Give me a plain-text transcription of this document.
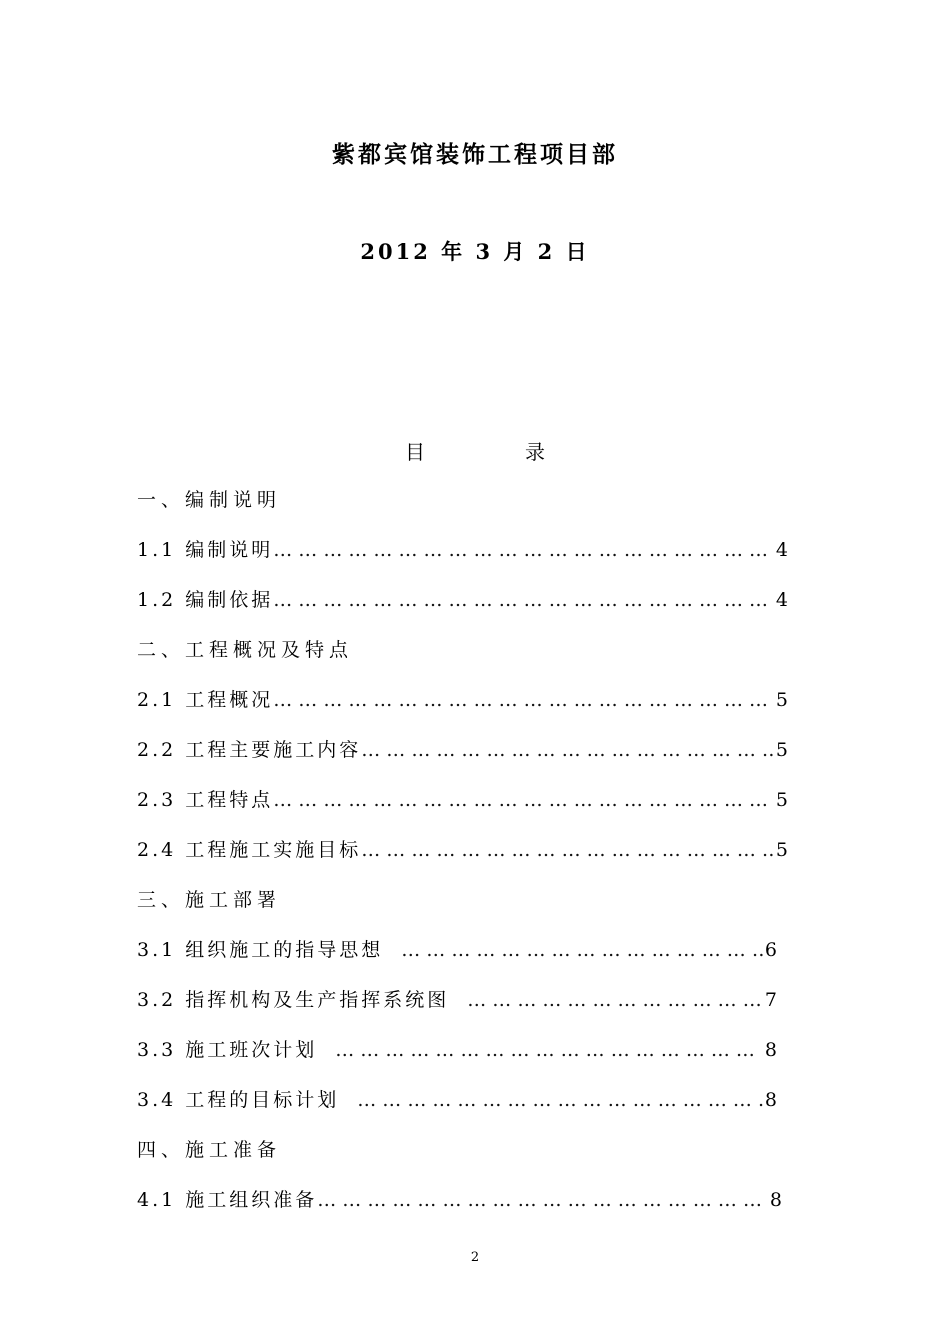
紫都宾馆装饰工程项目部
2012 年 3 月 2 日
目	录
一、编制说明
1.1 编制说明 … … … … … … … … … … … … … … … … … … … … … … … … … … … … … … … … … … … …	4
1.2 编制依据 … … … … … … … … … … … … … … … … … … … … … … … … … … … … … … … … … … … …	4
二、工程概况及特点
2.1 工程概况 … … … … … … … … … … … … … … … … … … … … … … … … … … … … … … … … … … … …	5
2.2 工程主要施工内容 … … … … … … … … … … … … … … … … … … … … … … … … … … … … … … … … … … … …	5
2.3 工程特点 … … … … … … … … … … … … … … … … … … … … … … … … … … … … … … … … … … … …	5
2.4 工程施工实施目标 … … … … … … … … … … … … … … … … … … … … … … … … … … … … … … … … … … … …	5
三、施工部署
3.1 组织施工的指导思想 … … … … … … … … … … … … … … … … … … … … … … … … … … … … … … … … … … … …	6
3.2 指挥机构及生产指挥系统图 … … … … … … … … … … … … … … … … … … … … … … … … … … … … … … … … … … … …	7
3.3 施工班次计划 … … … … … … … … … … … … … … … … … … … … … … … … … … … … … … … … … … … …	8
3.4 工程的目标计划 … … … … … … … … … … … … … … … … … … … … … … … … … … … … … … … … … … … …	8
四、施工准备
4.1 施工组织准备 … … … … … … … … … … … … … … … … … … … … … … … … … … … … … … … … … … … …	8
2
